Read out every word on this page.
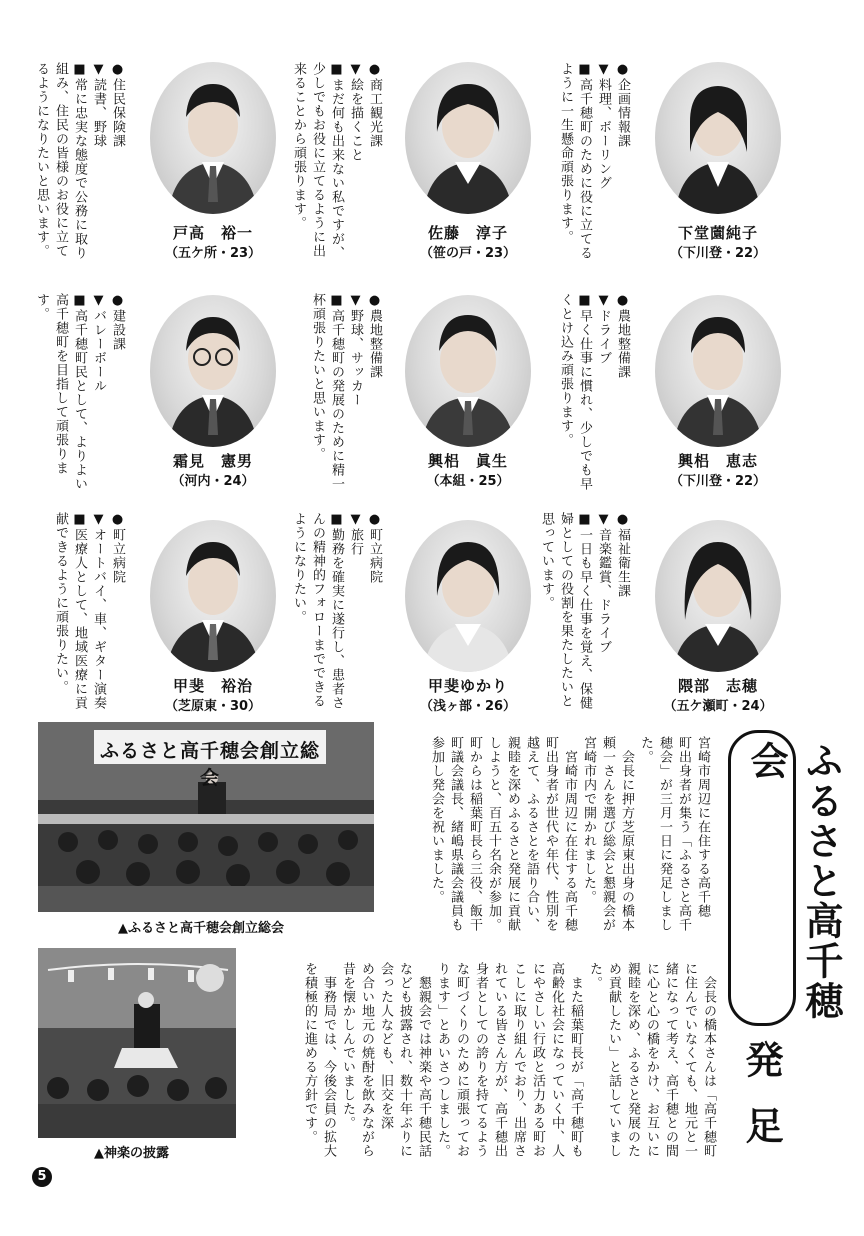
下堂薗純子
（下川登・22）
●企画情報課
▼料理、ボーリング
■高千穂町のために役に立てる
ように一生懸命頑張ります。
佐藤　淳子
（笹の戸・23）
●商工観光課
▼絵を描くこと
■まだ何も出来ない私ですが、
少しでもお役に立てるように出
来ることから頑張ります。
戸高　裕一
（五ケ所・23）
●住民保険課
▼読書、野球
■常に忠実な態度で公務に取り
組み、住民の皆様のお役に立て
るようになりたいと思います。
興梠　恵志
（下川登・22）
●農地整備課
▼ドライブ
■早く仕事に慣れ、少しでも早
くとけ込み頑張ります。
興梠　眞生
（本組・25）
●農地整備課
▼野球、サッカー
■高千穂町の発展のために精一
杯頑張りたいと思います。
霜見　憲男
（河内・24）
●建設課
▼バレーボール
■高千穂町民として、よりよい
高千穂町を目指して頑張ります。
隈部　志穂
（五ケ瀬町・24）
●福祉衛生課
▼音楽鑑賞、ドライブ
■一日も早く仕事を覚え、保健
婦としての役割を果たしたいと
思っています。
甲斐ゆかり
（浅ヶ部・26）
●町立病院
▼旅行
■勤務を確実に遂行し、患者さ
んの精神的フォローまでできる
ようになりたい。
甲斐　裕治
（芝原東・30）
●町立病院
▼オートバイ、車、ギター演奏
■医療人として、地域医療に貢
献できるように頑張りたい。
ふるさと高千穂会
発足
宮崎市周辺に在住する高千穂
町出身者が集う「ふるさと高千
穂会」が三月一日に発足しまし
た。
　会長に押方芝原東出身の橋本
頼一さんを選び総会と懇親会が
宮崎市内で開かれました。
　宮崎市周辺に在住する高千穂
町出身者が世代や年代、性別を
越えて、ふるさとを語り合い、
親睦を深めふるさと発展に貢献
しようと、百五十名余が参加。
町からは稲葉町長ら三役、飯干
町議会議長、緒嶋県議会議員も
参加し発会を祝いました。
　会長の橋本さんは「高千穂町
に住んでいなくても、地元と一
緒になって考え、高千穂との間
に心と心の橋をかけ、お互いに
親睦を深め、ふるさと発展のた
め貢献したい」と話していまし
た。
　また稲葉町長が「高千穂町も
高齢化社会になっていく中、人
にやさしい行政と活力ある町お
こしに取り組んでおり、出席さ
れている皆さん方が、高千穂出
身者としての誇りを持てるよう
な町づくりのために頑張ってお
ります」とあいさつしました。
　懇親会では神楽や高千穂民話
なども披露され、数十年ぶりに
会った人なども、旧交を深
め合い地元の焼酎を飲みながら
昔を懐かしんでいました。
　事務局では、今後会員の拡大
を積極的に進める方針です。
ふるさと高千穂会創立総会
▲ふるさと高千穂会創立総会
▲神楽の披露
5
